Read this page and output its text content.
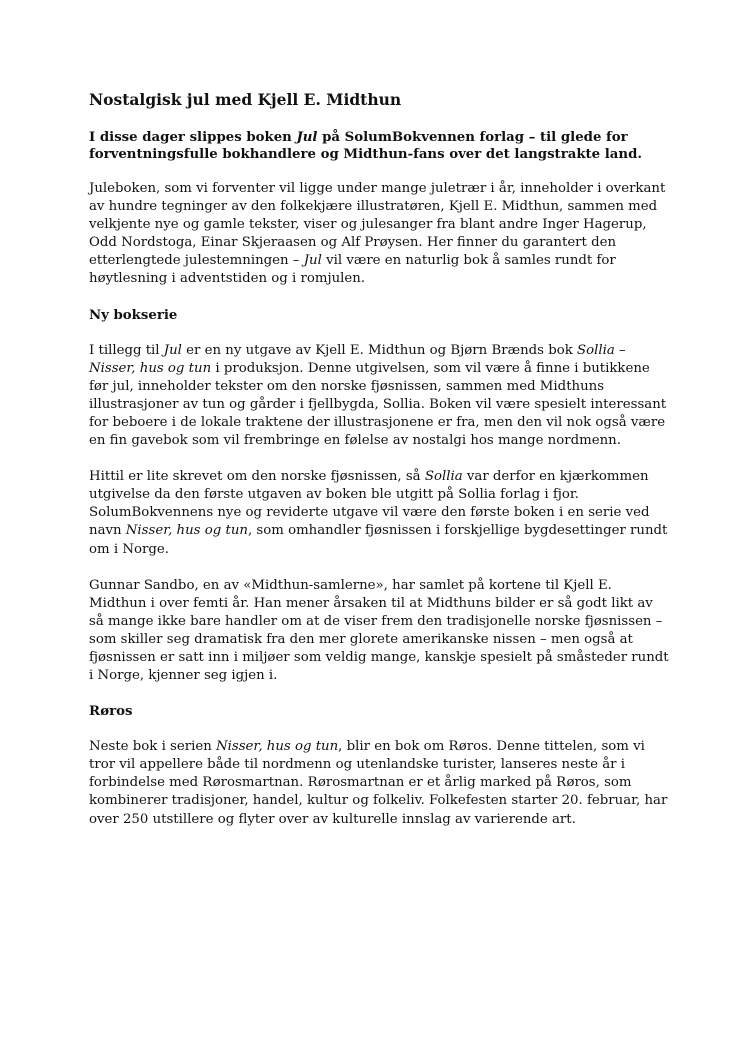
Nostalgisk jul med Kjell E. Midthun

I disse dager slippes boken Jul på SolumBokvennen forlag – til glede for forventningsfulle bokhandlere og Midthun-fans over det langstrakte land.

Juleboken, som vi forventer vil ligge under mange juletrær i år, inneholder i overkant av hundre tegninger av den folkekjære illustratøren, Kjell E. Midthun, sammen med velkjente nye og gamle tekster, viser og julesanger fra blant andre Inger Hagerup, Odd Nordstoga, Einar Skjeraasen og Alf Prøysen. Her finner du garantert den etterlengtede julestemningen – Jul vil være en naturlig bok å samles rundt for høytlesning i adventstiden og i romjulen.

Ny bokserie

I tillegg til Jul er en ny utgave av Kjell E. Midthun og Bjørn Brænds bok Sollia – Nisser, hus og tun i produksjon. Denne utgivelsen, som vil være å finne i butikkene før jul, inneholder tekster om den norske fjøsnissen, sammen med Midthuns illustrasjoner av tun og gårder i fjellbygda, Sollia. Boken vil være spesielt interessant for beboere i de lokale traktene der illustrasjonene er fra, men den vil nok også være en fin gavebok som vil frembringe en følelse av nostalgi hos mange nordmenn.

Hittil er lite skrevet om den norske fjøsnissen, så Sollia var derfor en kjærkommen utgivelse da den første utgaven av boken ble utgitt på Sollia forlag i fjor. SolumBokvennens nye og reviderte utgave vil være den første boken i en serie ved navn Nisser, hus og tun, som omhandler fjøsnissen i forskjellige bygdesettinger rundt om i Norge.

Gunnar Sandbo, en av «Midthun-samlerne», har samlet på kortene til Kjell E. Midthun i over femti år. Han mener årsaken til at Midthuns bilder er så godt likt av så mange ikke bare handler om at de viser frem den tradisjonelle norske fjøsnissen – som skiller seg dramatisk fra den mer glorete amerikanske nissen – men også at fjøsnissen er satt inn i miljøer som veldig mange, kanskje spesielt på småsteder rundt i Norge, kjenner seg igjen i.

Røros

Neste bok i serien Nisser, hus og tun, blir en bok om Røros. Denne tittelen, som vi tror vil appellere både til nordmenn og utenlandske turister, lanseres neste år i forbindelse med Rørosmartnan. Rørosmartnan er et årlig marked på Røros, som kombinerer tradisjoner, handel, kultur og folkeliv. Folkefesten starter 20. februar, har over 250 utstillere og flyter over av kulturelle innslag av varierende art.
